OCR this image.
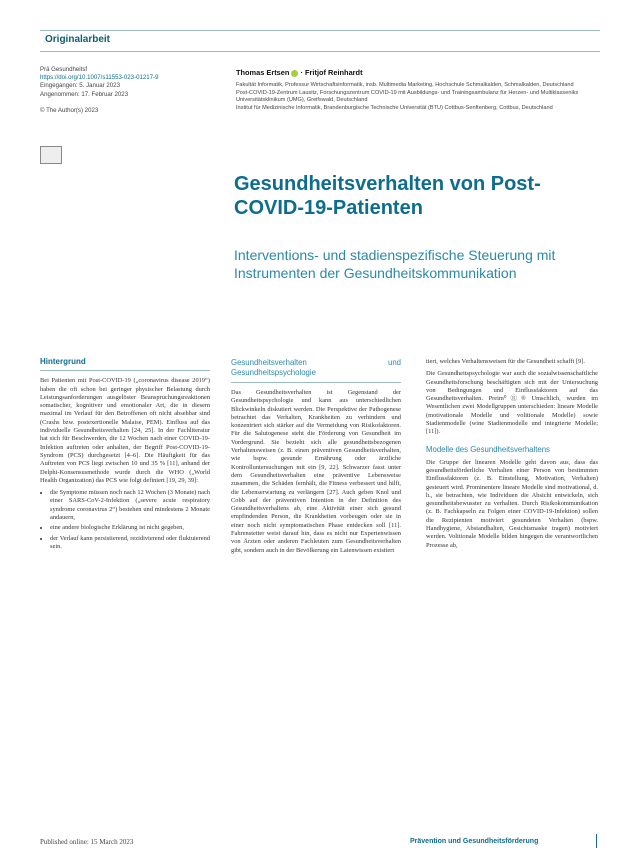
Originalarbeit
Prä Gesundheitsf
https://doi.org/10.1007/s11553-023-01217-9
Eingegangen: 5. Januar 2023
Angenommen: 17. Februar 2023
© The Author(s) 2023
Thomas Ertsen · Fritjof Reinhardt
Fakultät Informatik, Professur Wirtschaftsinformatik, insb. Multimedia Marketing, Hochschule Schmalkalden, Schmalkalden, Deutschland
Post-COVID-19-Zentrum Lausitz, Forschungszentrum COVID-19 mit Ausbildungs- und Trainingsambulanz für Herzen- und Multiklasseniks Universitätsklinikum (UMG), Greifswald, Deutschland
Institut für Medizinische Informatik, Brandenburgische Technische Universität (BTU) Cottbus-Senftenberg, Cottbus, Deutschland
Gesundheitsverhalten von Post-COVID-19-Patienten
Interventions- und stadienspezifische Steuerung mit Instrumenten der Gesundheitskommunikation
Hintergrund

Bei Patienten mit Post-COVID-19 („coronavirus disease 2019“) haben die oft schon bei geringer physischer Belastung durch Leistungsanforderungen ausgelöster Beanspruchungsreaktionen somatischer, kognitiver und emotionaler Art, die in diesem maximal im Verlauf für den Betroffenen oft nicht absehbar sind (Crashs bzw. postexertionelle Malaise, PEM). Einfluss auf das individuelle Gesundheitsverhalten [24, 25]. In der Fachliteratur hat sich für Beschwerden, die 12 Wochen nach einer COVID-19-Infektion auftreten oder anhalten, der Begriff Post-COVID-19-Syndrom (PCS) durchgesetzt [4–6]. Die Häufigkeit für das Auftreten von PCS liegt zwischen 10 und 35 % [11], anhand der Delphi-Konsensusmethode wurde durch die WHO („World Health Organization) das PCS wie folgt definiert [19, 29, 39]:

• die Symptome müssen noch nach 12 Wochen (3 Monate) nach einer SARS-CoV-2-Infektion („severe acute respiratory syndrome coronavirus 2“) bestehen und mindestens 2 Monate andauern,
• eine andere biologische Erklärung ist nicht gegeben,
• der Verlauf kann persistierend, rezidivierend oder fluktuierend sein.
Gesundheitsverhalten und Gesundheitspsychologie

Das Gesundheitsverhalten ist Gegenstand der Gesundheitspsychologie und kann aus unterschiedlichen Blickwinkeln diskutiert werden. Die Perspektive der Pathogenese betrachtet das Verhalten, Krankheiten zu verhindern und konzentriert sich stärker auf die Vermeidung von Risikofaktoren. Für die Salutogenese steht die Förderung von Gesundheit im Vordergrund. Sie bezieht sich alle gesundheitsbezogenen Verhaltensweisen (z. B. einen präventiven Gesundheitsverhalten, wie bspw. gesunde Ernährung oder ärztliche Kontrolluntersuchungen mit ein [9, 22]. Schwarzer fasst unter dem Gesundheitsverhalten eine präventive Lebensweise zusammen, die Schäden fernhält, die Fitness verbessert und hilft, die Lebenserwartung zu verlängern [27]. Auch geben Knol und Cobb auf der präventiven Intention in der Definition des Gesundheitsverhaltens ab, eine Aktivität einer sich gesund empfindenden Person, die Krankheiten vorbeugen oder sie in einer noch nicht symptomatischen Phase entdecken soll [11]. Fahrenstetter weist darauf hin, dass es nicht nur Expertenwissen von Ärzten oder anderen Fachleuten zum Gesundheitsverhalten gibt, sondern auch in der Bevölkerung ein Laienwissen existiert

tiert, welches Verhaltensweisen für die Gesundheit schafft [9].

Die Gesundheitspsychologie war auch die sozialwissenschaftliche Gesundheitsforschung beschäftigten sich mit der Untersuchung von Bedingungen und Einflussfaktoren auf das Gesundheitsverhalten. Preim⁰Ⓡ® Umschlich, wurden im Wesentlichen zwei Modellgruppen unterschieden: lineare Modelle (motivationale Modelle und volitionale Modelle) sowie Stadienmodelle (wine Stadienmodelle und integrierte Modelle; [11]).

Modelle des Gesundheitsverhaltens

Die Gruppe der linearen Modelle geht davon aus, dass das gesundheitsförderliche Verhalten einer Person von bestimmten Einflussfaktoren (z. B. Einstellung, Motivation, Verhalten) gesteuert wird. Prominentere lineare Modelle sind motivational, d. h., sie betrachten, wie Individuen die Absicht entwickeln, sich gesundheitsbewusster zu verhalten. Durch Risikokommunikation (z. B. Fachkapseln zu Folgen einer COVID-19-Infektion) sollen die Rezipienten motiviert gesundeten Verhalten (bspw. Handhygiene, Abstandhalten, Gesichtsmaske tragen) motiviert werden. Volitionale Modelle bilden hingegen die verantwortlichen Prozesse ab,

Published online: 15 March 2023	Prävention und Gesundheitsförderung
